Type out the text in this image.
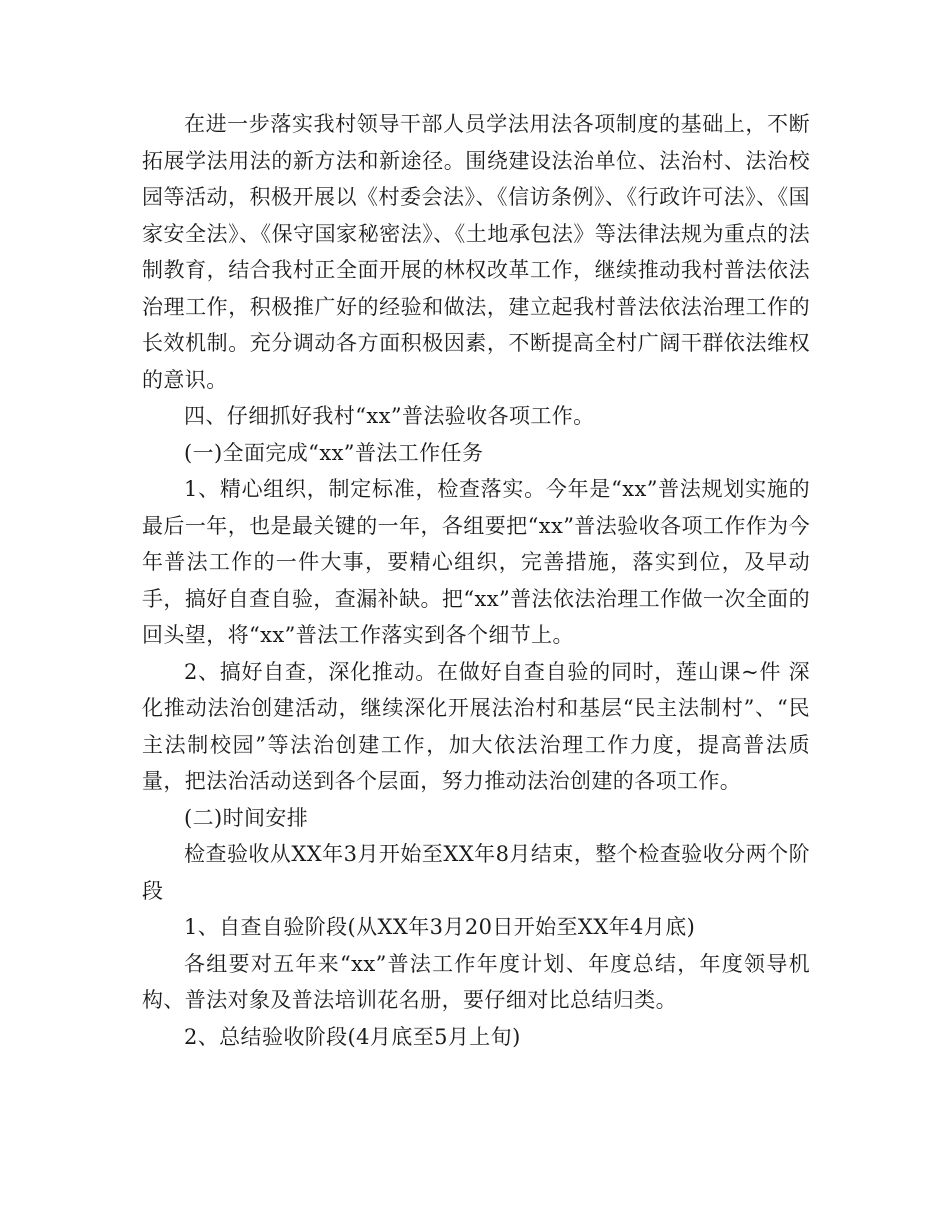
在进一步落实我村领导干部人员学法用法各项制度的基础上，不断拓展学法用法的新方法和新途径。围绕建设法治单位、法治村、法治校园等活动，积极开展以《村委会法》、《信访条例》、《行政许可法》、《国家安全法》、《保守国家秘密法》、《土地承包法》等法律法规为重点的法制教育，结合我村正全面开展的林权改革工作，继续推动我村普法依法治理工作，积极推广好的经验和做法，建立起我村普法依法治理工作的长效机制。充分调动各方面积极因素，不断提高全村广阔干群依法维权的意识。

四、仔细抓好我村“xx”普法验收各项工作。

(一)全面完成“xx”普法工作任务

1、精心组织，制定标准，检查落实。今年是“xx”普法规划实施的最后一年，也是最关键的一年，各组要把“xx”普法验收各项工作作为今年普法工作的一件大事，要精心组织，完善措施，落实到位，及早动手，搞好自查自验，查漏补缺。把“xx”普法依法治理工作做一次全面的回头望，将“xx”普法工作落实到各个细节上。

2、搞好自查，深化推动。在做好自查自验的同时，莲山课~件 深化推动法治创建活动，继续深化开展法治村和基层“民主法制村”、“民主法制校园”等法治创建工作，加大依法治理工作力度，提高普法质量，把法治活动送到各个层面，努力推动法治创建的各项工作。

(二)时间安排

检查验收从XX年3月开始至XX年8月结束，整个检查验收分两个阶段

1、自查自验阶段(从XX年3月20日开始至XX年4月底)

各组要对五年来“xx”普法工作年度计划、年度总结，年度领导机构、普法对象及普法培训花名册，要仔细对比总结归类。

2、总结验收阶段(4月底至5月上旬)
